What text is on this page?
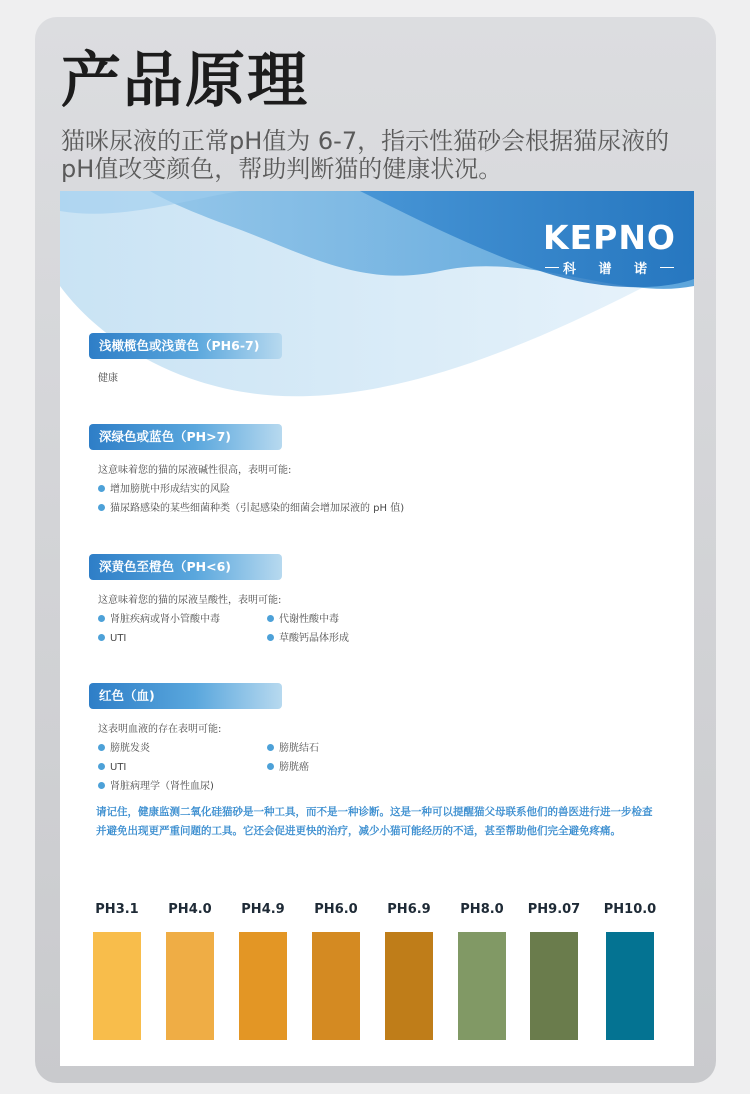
产品原理
猫咪尿液的正常pH值为 6-7，指示性猫砂会根据猫尿液的pH值改变颜色，帮助判断猫的健康状况。
KEPNO
科 谱 诺
浅橄榄色或浅黄色（PH6-7)
健康
深绿色或蓝色（PH>7)
这意味着您的猫的尿液碱性很高，表明可能:
增加膀胱中形成结实的风险
猫尿路感染的某些细菌种类（引起感染的细菌会增加尿液的 pH 值)
深黄色至橙色（PH<6)
这意味着您的猫的尿液呈酸性，表明可能:
肾脏疾病或肾小管酸中毒	代谢性酸中毒
UTI	草酸钙晶体形成
红色（血)
这表明血液的存在表明可能:
膀胱发炎	膀胱结石
UTI	膀胱癌
肾脏病理学（肾性血尿)
请记住，健康监测二氧化硅猫砂是一种工具，而不是一种诊断。这是一种可以提醒猫父母联系他们的兽医进行进一步检查并避免出现更严重问题的工具。它还会促进更快的治疗，减少小猫可能经历的不适，甚至帮助他们完全避免疼痛。
PH3.1	PH4.0	PH4.9	PH6.0	PH6.9	PH8.0	PH9.07 PH10.0
